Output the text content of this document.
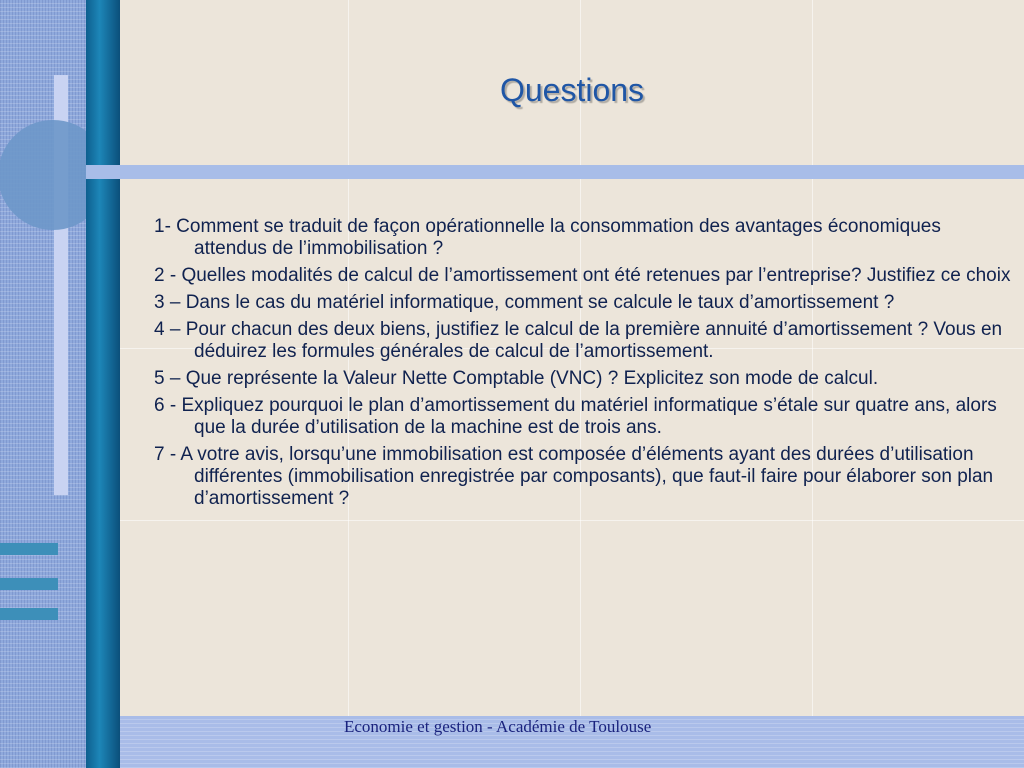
Questions
1- Comment se traduit de façon opérationnelle la consommation des avantages économiques attendus de l’immobilisation ?
2 - Quelles modalités de calcul de l’amortissement ont été retenues par l’entreprise? Justifiez ce choix
3 – Dans le cas du matériel informatique, comment se calcule le taux d’amortissement ?
4 – Pour chacun des deux biens, justifiez le calcul de la première annuité d’amortissement ? Vous en déduirez les formules générales de calcul de l’amortissement.
5 – Que représente la Valeur Nette Comptable (VNC) ? Explicitez son mode de calcul.
6 - Expliquez pourquoi le plan d’amortissement du matériel informatique s’étale sur quatre ans, alors que la durée d’utilisation de la machine est de trois ans.
7 - A votre avis, lorsqu’une immobilisation est composée d’éléments ayant des durées d’utilisation différentes (immobilisation enregistrée par composants), que faut-il faire pour élaborer son plan d’amortissement ?
Economie et gestion - Académie de Toulouse
